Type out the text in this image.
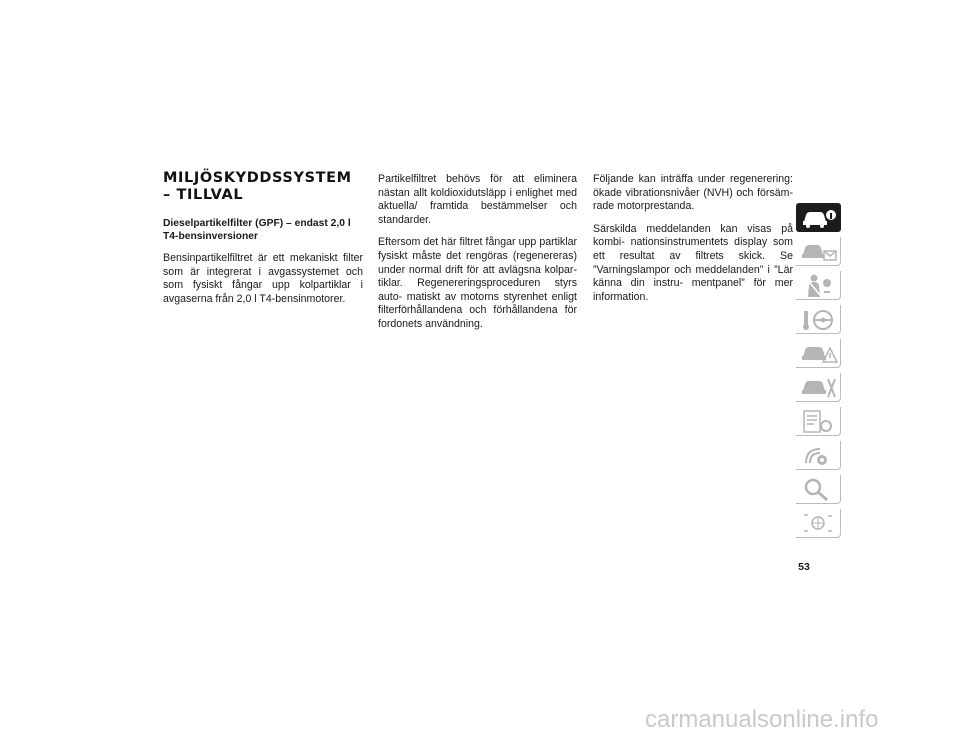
MILJÖSKYDDSSYSTEM – TILLVAL
Dieselpartikelfilter (GPF) – endast 2,0 l T4-bensinversioner

Bensinpartikelfiltret är ett mekaniskt filter som är integrerat i avgassystemet och som fysiskt fångar upp kolpartiklar i avgaserna från 2,0 l T4-bensinmotorer.

Partikelfiltret behövs för att eliminera nästan allt koldioxidutsläpp i enlighet med aktuella/ framtida bestämmelser och standarder.

Eftersom det här filtret fångar upp partiklar fysiskt måste det rengöras (regenereras) under normal drift för att avlägsna kolpar- tiklar. Regenereringsproceduren styrs auto- matiskt av motorns styrenhet enligt filterförhållandena och förhållandena för fordonets användning.

Följande kan inträffa under regenerering: ökade vibrationsnivåer (NVH) och försäm- rade motorprestanda.

Särskilda meddelanden kan visas på kombi- nationsinstrumentets display som ett resultat av filtrets skick. Se ”Varningslampor och meddelanden” i ”Lär känna din instru- mentpanel” för mer information.

53
carmanualsonline.info
